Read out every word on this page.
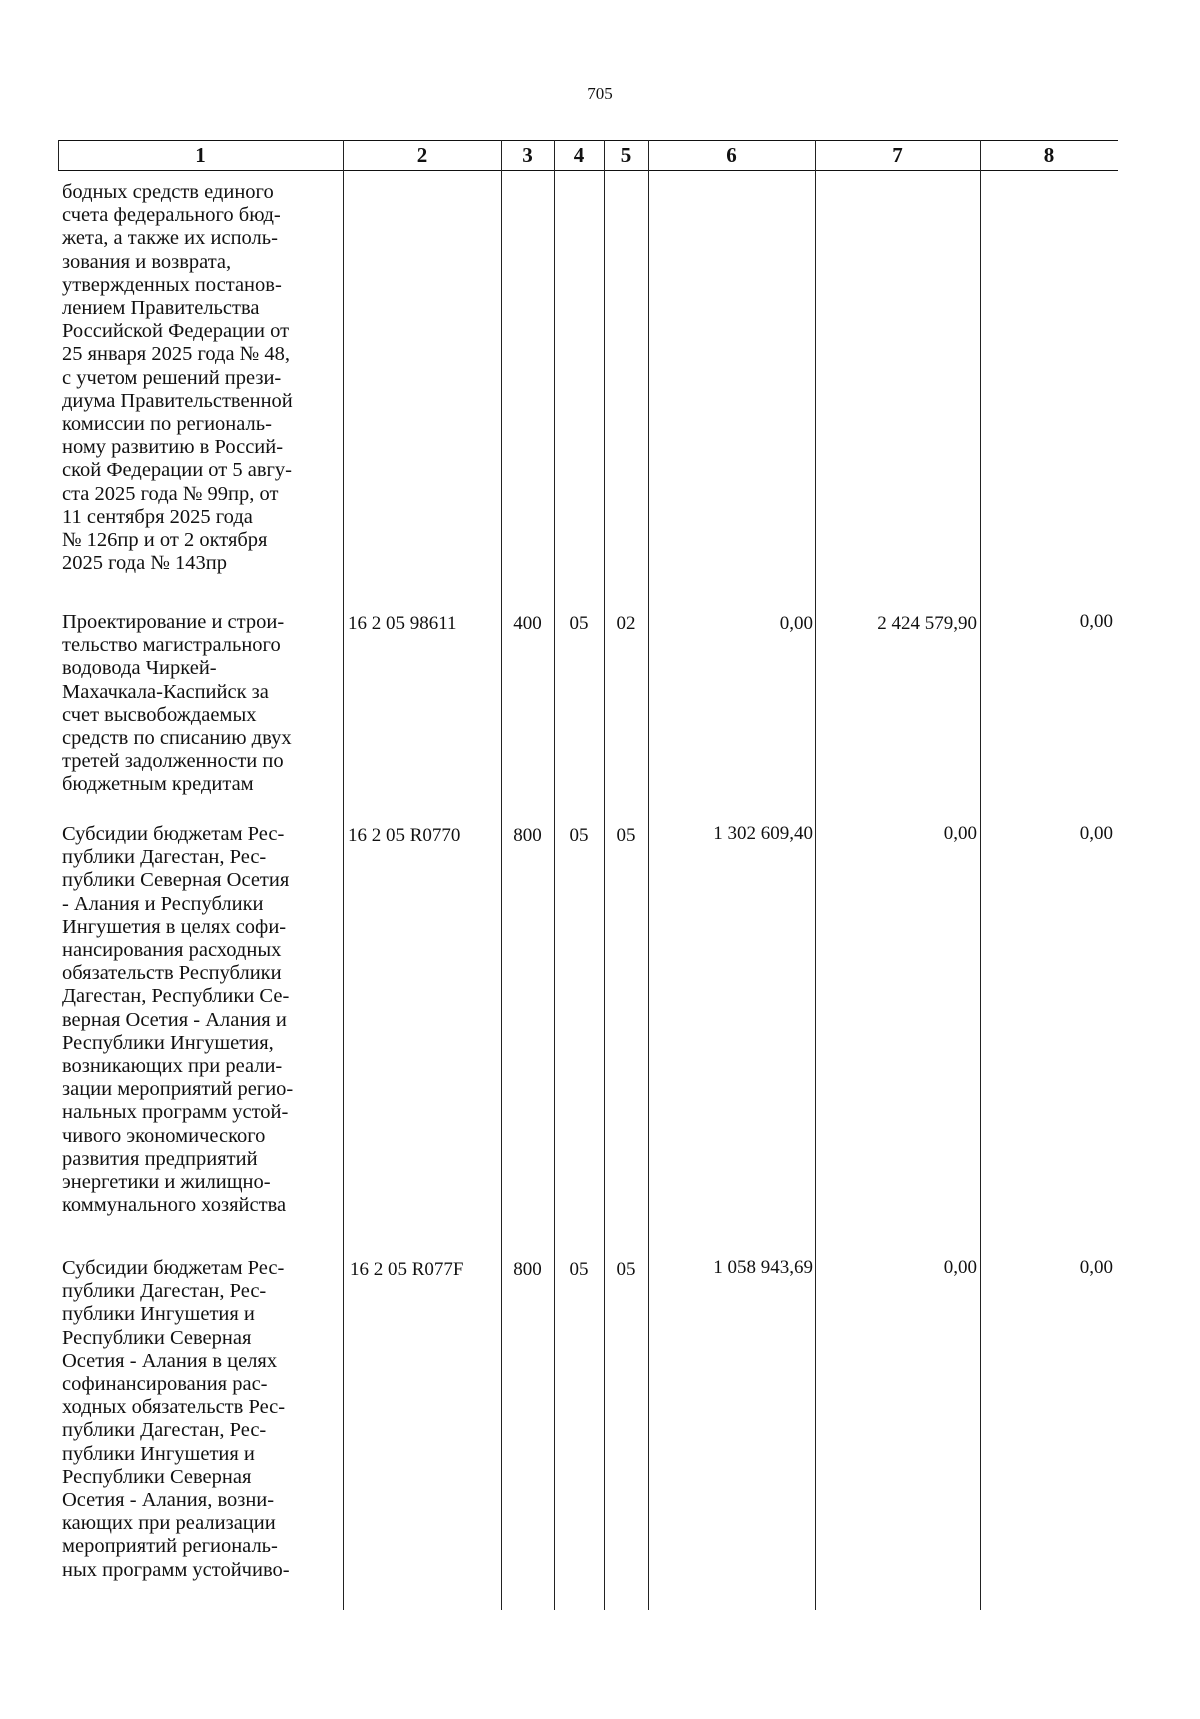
705
1	2	3	4	5	6	7	8
бодных средств единого
счета федерального бюд-
жета, а также их исполь-
зования и возврата,
утвержденных постанов-
лением Правительства
Российской Федерации от
25 января 2025 года № 48,
с учетом решений прези-
диума Правительственной
комиссии по региональ-
ному развитию в Россий-
ской Федерации от 5 авгу-
ста 2025 года № 99пр, от
11 сентября 2025 года
№ 126пр и от 2 октября
2025 года № 143пр
Проектирование и строи-
тельство магистрального
водовода Чиркей-
Махачкала-Каспийск за
счет высвобождаемых
средств по списанию двух
третей задолженности по
бюджетным кредитам
16 2 05 98611	400	05	02	0,00	2 424 579,90	0,00
Субсидии бюджетам Рес-
публики Дагестан, Рес-
публики Северная Осетия
- Алания и Республики
Ингушетия в целях софи-
нансирования расходных
обязательств Республики
Дагестан, Республики Се-
верная Осетия - Алания и
Республики Ингушетия,
возникающих при реали-
зации мероприятий регио-
нальных программ устой-
чивого экономического
развития предприятий
энергетики и жилищно-
коммунального хозяйства
16 2 05 R0770	800	05	05	1 302 609,40	0,00	0,00
Субсидии бюджетам Рес-
публики Дагестан, Рес-
публики Ингушетия и
Республики Северная
Осетия - Алания в целях
софинансирования рас-
ходных обязательств Рес-
публики Дагестан, Рес-
публики Ингушетия и
Республики Северная
Осетия - Алания, возни-
кающих при реализации
мероприятий региональ-
ных программ устойчиво-
16 2 05 R077F	800	05	05	1 058 943,69	0,00	0,00
